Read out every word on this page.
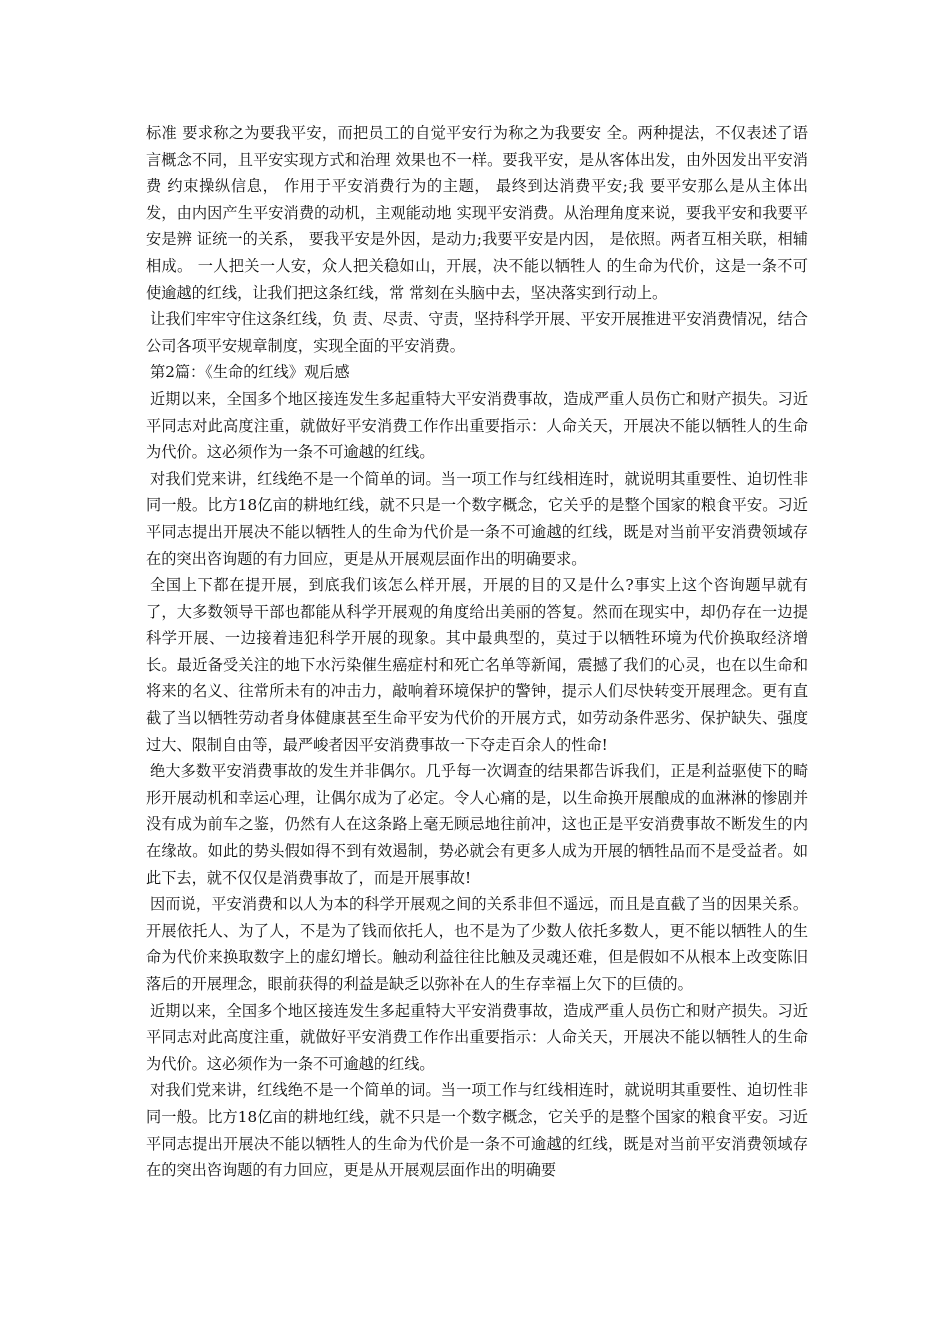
标准 要求称之为要我平安，而把员工的自觉平安行为称之为我要安 全。两种提法，不仅表述了语言概念不同，且平安实现方式和治理 效果也不一样。要我平安，是从客体出发，由外因发出平安消费 约束操纵信息， 作用于平安消费行为的主题， 最终到达消费平安;我 要平安那么是从主体出发，由内因产生平安消费的动机，主观能动地 实现平安消费。从治理角度来说，要我平安和我要平安是辨 证统一的关系， 要我平安是外因，是动力;我要平安是内因， 是依照。两者互相关联，相辅相成。 一人把关一人安，众人把关稳如山，开展，决不能以牺牲人 的生命为代价，这是一条不可使逾越的红线，让我们把这条红线，常 常刻在头脑中去，坚决落实到行动上。

让我们牢牢守住这条红线，负 责、尽责、守责，坚持科学开展、平安开展推进平安消费情况，结合 公司各项平安规章制度，实现全面的平安消费。

第2篇：《生命的红线》观后感

近期以来，全国多个地区接连发生多起重特大平安消费事故，造成严重人员伤亡和财产损失。习近平同志对此高度注重，就做好平安消费工作作出重要指示：人命关天，开展决不能以牺牲人的生命为代价。这必须作为一条不可逾越的红线。

对我们党来讲，红线绝不是一个简单的词。当一项工作与红线相连时，就说明其重要性、迫切性非同一般。比方18亿亩的耕地红线，就不只是一个数字概念，它关乎的是整个国家的粮食平安。习近平同志提出开展决不能以牺牲人的生命为代价是一条不可逾越的红线，既是对当前平安消费领域存在的突出咨询题的有力回应，更是从开展观层面作出的明确要求。

全国上下都在提开展，到底我们该怎么样开展，开展的目的又是什么?事实上这个咨询题早就有了，大多数领导干部也都能从科学开展观的角度给出美丽的答复。然而在现实中，却仍存在一边提科学开展、一边接着违犯科学开展的现象。其中最典型的，莫过于以牺牲环境为代价换取经济增长。最近备受关注的地下水污染催生癌症村和死亡名单等新闻，震撼了我们的心灵，也在以生命和将来的名义、往常所未有的冲击力，敲响着环境保护的警钟，提示人们尽快转变开展理念。更有直截了当以牺牲劳动者身体健康甚至生命平安为代价的开展方式，如劳动条件恶劣、保护缺失、强度过大、限制自由等，最严峻者因平安消费事故一下夺走百余人的性命!

绝大多数平安消费事故的发生并非偶尔。几乎每一次调查的结果都告诉我们，正是利益驱使下的畸形开展动机和幸运心理，让偶尔成为了必定。令人心痛的是，以生命换开展酿成的血淋淋的惨剧并没有成为前车之鉴，仍然有人在这条路上毫无顾忌地往前冲，这也正是平安消费事故不断发生的内在缘故。如此的势头假如得不到有效遏制，势必就会有更多人成为开展的牺牲品而不是受益者。如此下去，就不仅仅是消费事故了，而是开展事故!

因而说，平安消费和以人为本的科学开展观之间的关系非但不遥远，而且是直截了当的因果关系。开展依托人、为了人，不是为了钱而依托人，也不是为了少数人依托多数人，更不能以牺牲人的生命为代价来换取数字上的虚幻增长。触动利益往往比触及灵魂还难，但是假如不从根本上改变陈旧落后的开展理念，眼前获得的利益是缺乏以弥补在人的生存幸福上欠下的巨债的。

近期以来，全国多个地区接连发生多起重特大平安消费事故，造成严重人员伤亡和财产损失。习近平同志对此高度注重，就做好平安消费工作作出重要指示：人命关天，开展决不能以牺牲人的生命为代价。这必须作为一条不可逾越的红线。

对我们党来讲，红线绝不是一个简单的词。当一项工作与红线相连时，就说明其重要性、迫切性非同一般。比方18亿亩的耕地红线，就不只是一个数字概念，它关乎的是整个国家的粮食平安。习近平同志提出开展决不能以牺牲人的生命为代价是一条不可逾越的红线，既是对当前平安消费领域存在的突出咨询题的有力回应，更是从开展观层面作出的明确要
